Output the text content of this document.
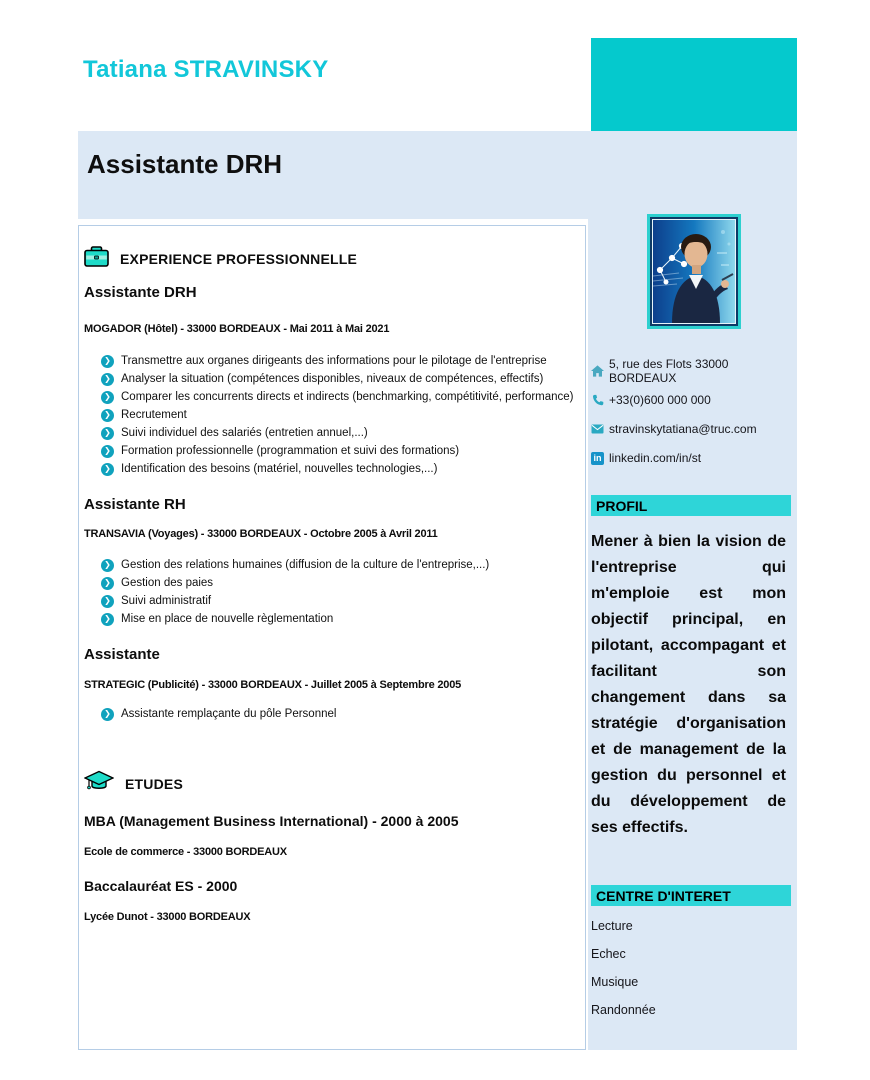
Tatiana STRAVINSKY
Assistante DRH
EXPERIENCE PROFESSIONNELLE
Assistante DRH
MOGADOR (Hôtel) - 33000 BORDEAUX - Mai 2011 à Mai 2021
❯
Transmettre aux organes dirigeants des informations pour le pilotage de l'entreprise
❯
Analyser la situation (compétences disponibles, niveaux de compétences, effectifs)
❯
Comparer les concurrents directs et indirects (benchmarking, compétitivité, performance)
❯
Recrutement
❯
Suivi individuel des salariés (entretien annuel,...)
❯
Formation professionnelle (programmation et suivi des formations)
❯
Identification des besoins (matériel, nouvelles technologies,...)
Assistante RH
TRANSAVIA (Voyages) - 33000 BORDEAUX - Octobre 2005 à Avril 2011
❯
Gestion des relations humaines (diffusion de la culture de l'entreprise,...)
❯
Gestion des paies
❯
Suivi administratif
❯
Mise en place de nouvelle règlementation
Assistante
STRATEGIC (Publicité) - 33000 BORDEAUX - Juillet 2005 à Septembre 2005
❯
Assistante remplaçante du pôle Personnel
ETUDES
MBA (Management Business International) - 2000 à 2005
Ecole de commerce - 33000 BORDEAUX
Baccalauréat ES - 2000
Lycée Dunot - 33000 BORDEAUX
5, rue des Flots 33000 BORDEAUX
+33(0)600 000 000
stravinskytatiana@truc.com
in linkedin.com/in/st
PROFIL

Mener à bien la vision de l'entreprise qui m'emploie est mon objectif principal, en pilotant, accompagant et facilitant son changement dans sa stratégie d'organisation et de management de la gestion du personnel et du développement de ses effectifs.

CENTRE D'INTERET
Lecture
Echec
Musique
Randonnée
